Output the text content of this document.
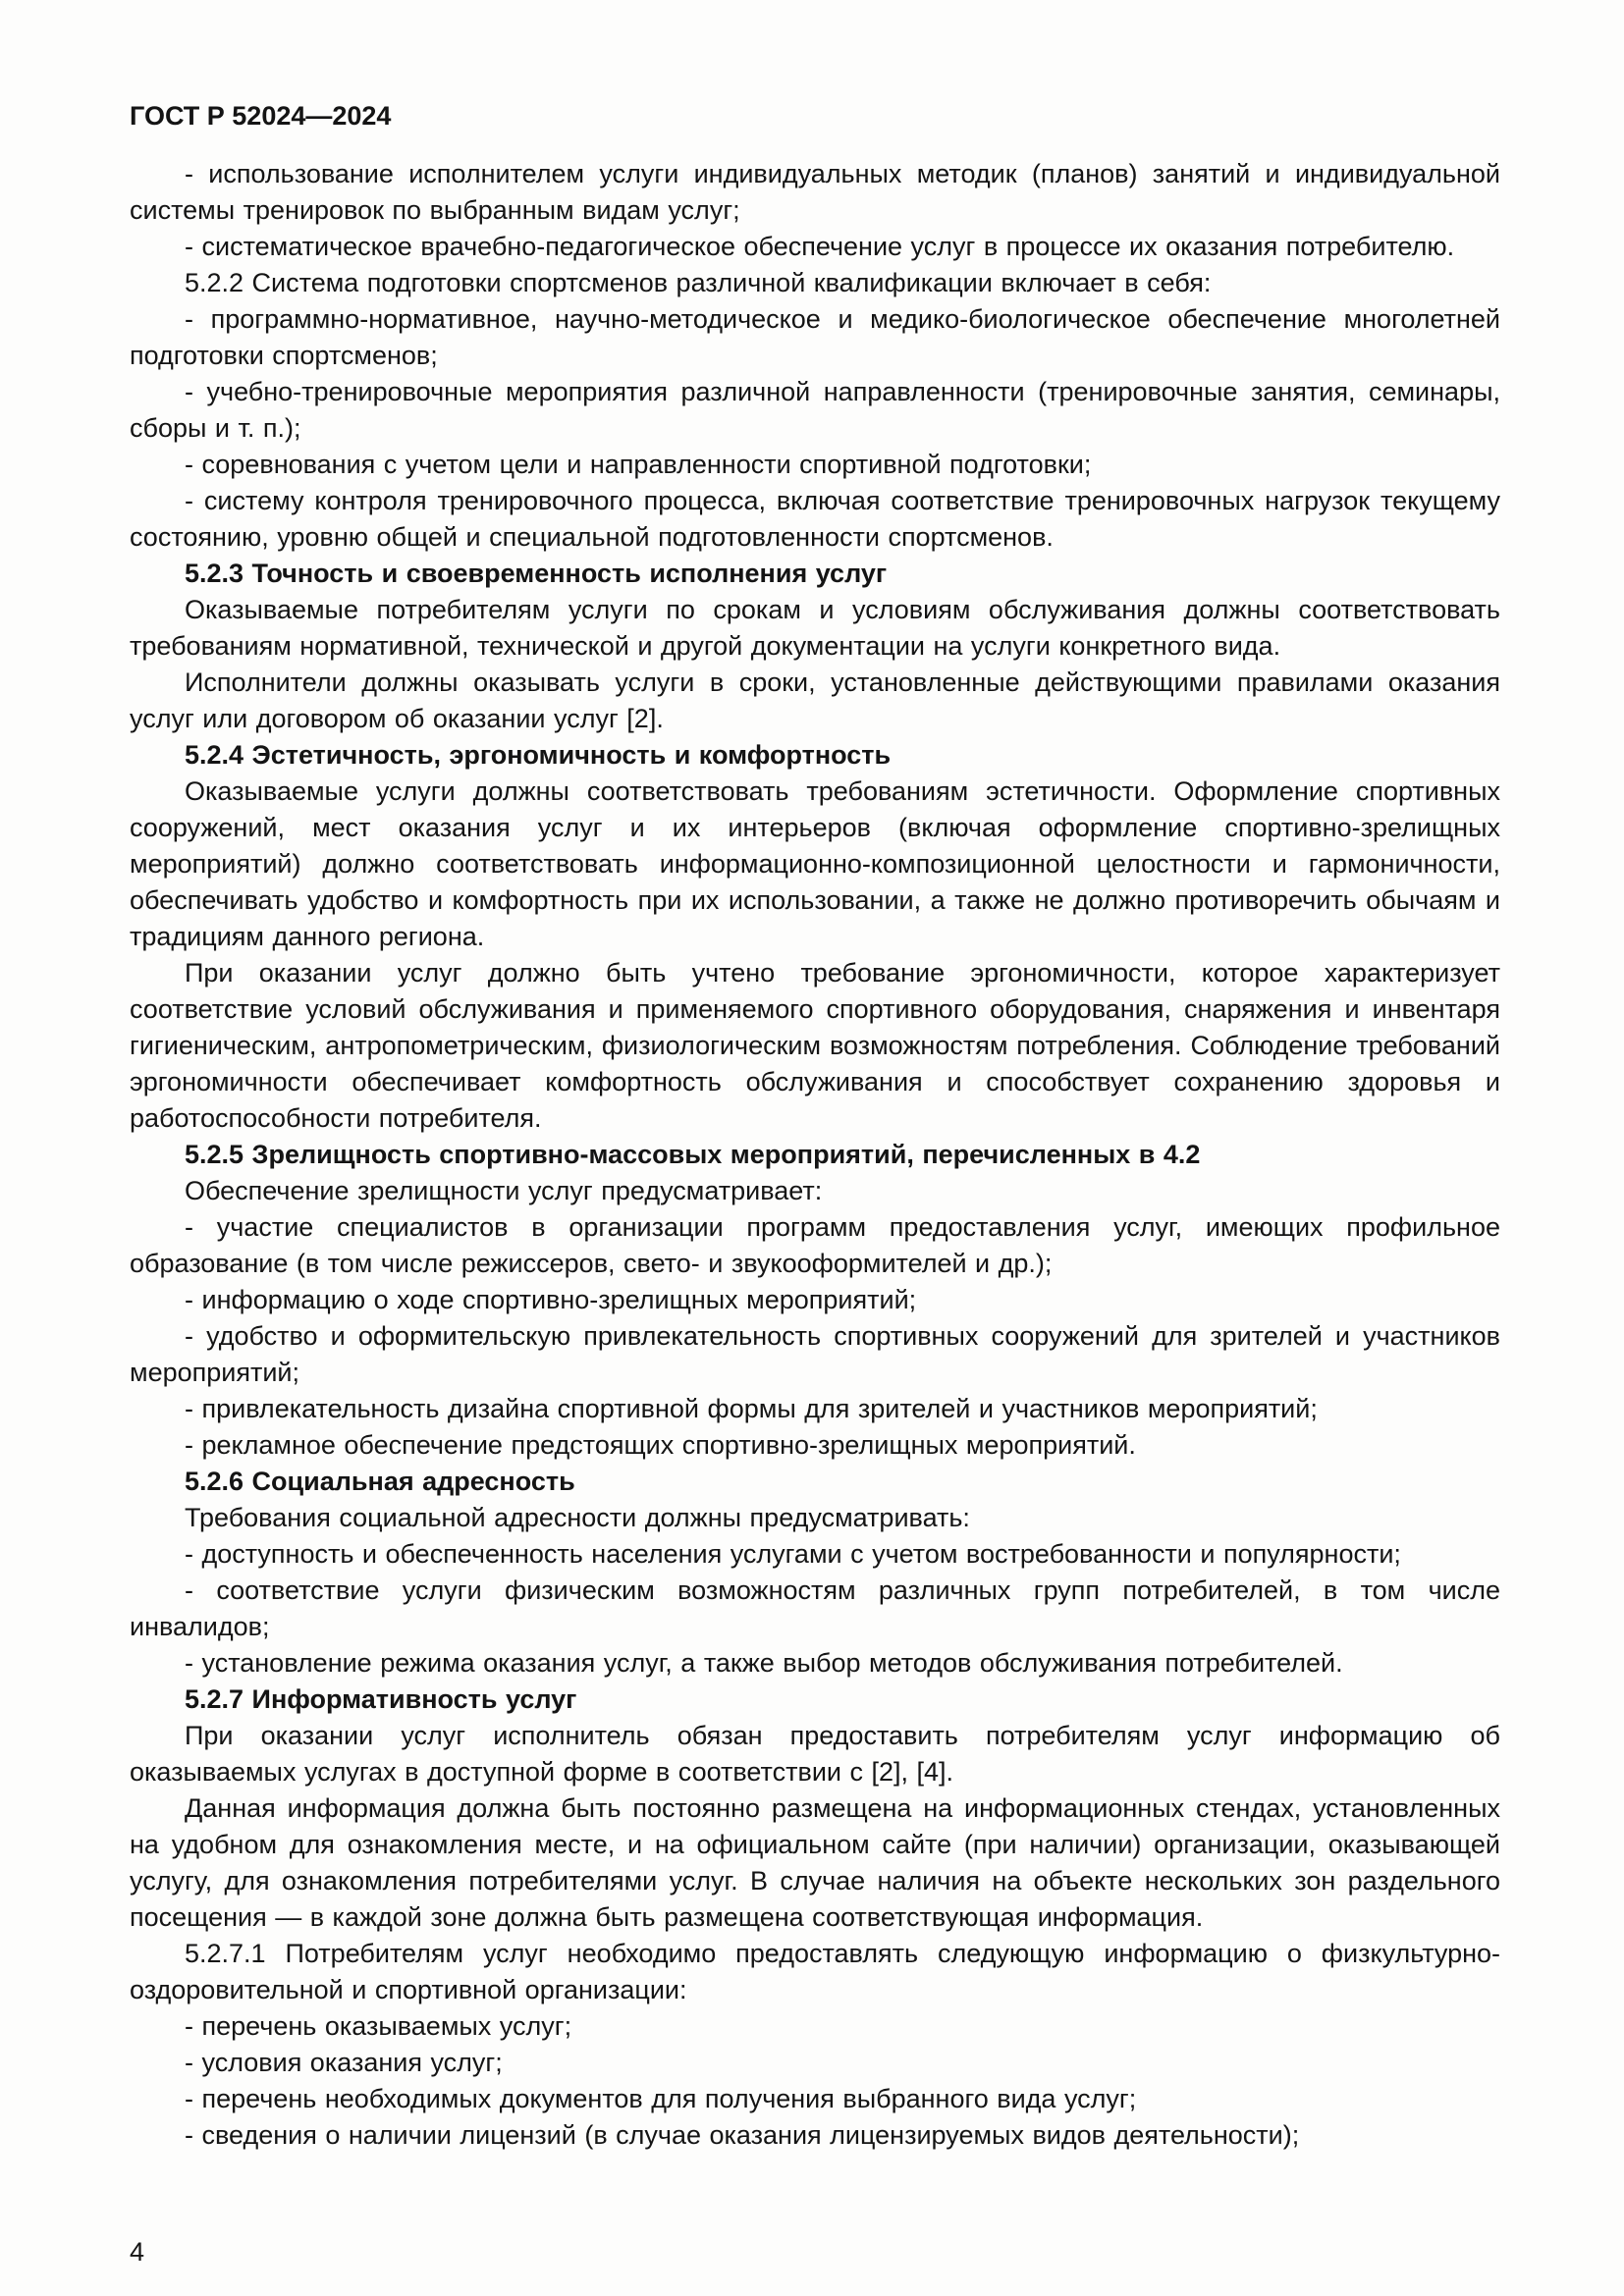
ГОСТ Р 52024—2024

- использование исполнителем услуги индивидуальных методик (планов) занятий и индивидуальной системы тренировок по выбранным видам услуг;

- систематическое врачебно-педагогическое обеспечение услуг в процессе их оказания потребителю.

5.2.2 Система подготовки спортсменов различной квалификации включает в себя:

- программно-нормативное, научно-методическое и медико-биологическое обеспечение многолетней подготовки спортсменов;

- учебно-тренировочные мероприятия различной направленности (тренировочные занятия, семинары, сборы и т. п.);

- соревнования с учетом цели и направленности спортивной подготовки;

- систему контроля тренировочного процесса, включая соответствие тренировочных нагрузок текущему состоянию, уровню общей и специальной подготовленности спортсменов.

5.2.3 Точность и своевременность исполнения услуг

Оказываемые потребителям услуги по срокам и условиям обслуживания должны соответствовать требованиям нормативной, технической и другой документации на услуги конкретного вида.

Исполнители должны оказывать услуги в сроки, установленные действующими правилами оказания услуг или договором об оказании услуг [2].

5.2.4 Эстетичность, эргономичность и комфортность

Оказываемые услуги должны соответствовать требованиям эстетичности. Оформление спортивных сооружений, мест оказания услуг и их интерьеров (включая оформление спортивно-зрелищных мероприятий) должно соответствовать информационно-композиционной целостности и гармоничности, обеспечивать удобство и комфортность при их использовании, а также не должно противоречить обычаям и традициям данного региона.

При оказании услуг должно быть учтено требование эргономичности, которое характеризует соответствие условий обслуживания и применяемого спортивного оборудования, снаряжения и инвентаря гигиеническим, антропометрическим, физиологическим возможностям потребления. Соблюдение требований эргономичности обеспечивает комфортность обслуживания и способствует сохранению здоровья и работоспособности потребителя.

5.2.5 Зрелищность спортивно-массовых мероприятий, перечисленных в 4.2

Обеспечение зрелищности услуг предусматривает:

- участие специалистов в организации программ предоставления услуг, имеющих профильное образование (в том числе режиссеров, свето- и звукооформителей и др.);

- информацию о ходе спортивно-зрелищных мероприятий;

- удобство и оформительскую привлекательность спортивных сооружений для зрителей и участников мероприятий;

- привлекательность дизайна спортивной формы для зрителей и участников мероприятий;

- рекламное обеспечение предстоящих спортивно-зрелищных мероприятий.

5.2.6 Социальная адресность

Требования социальной адресности должны предусматривать:

- доступность и обеспеченность населения услугами с учетом востребованности и популярности;

- соответствие услуги физическим возможностям различных групп потребителей, в том числе инвалидов;

- установление режима оказания услуг, а также выбор методов обслуживания потребителей.

5.2.7 Информативность услуг

При оказании услуг исполнитель обязан предоставить потребителям услуг информацию об оказываемых услугах в доступной форме в соответствии с [2], [4].

Данная информация должна быть постоянно размещена на информационных стендах, установленных на удобном для ознакомления месте, и на официальном сайте (при наличии) организации, оказывающей услугу, для ознакомления потребителями услуг. В случае наличия на объекте нескольких зон раздельного посещения — в каждой зоне должна быть размещена соответствующая информация.

5.2.7.1 Потребителям услуг необходимо предоставлять следующую информацию о физкультурно-оздоровительной и спортивной организации:

- перечень оказываемых услуг;

- условия оказания услуг;

- перечень необходимых документов для получения выбранного вида услуг;

- сведения о наличии лицензий (в случае оказания лицензируемых видов деятельности);

4
